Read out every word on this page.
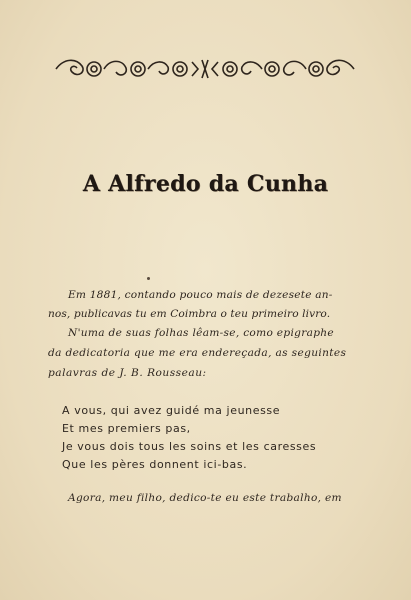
A Alfredo da Cunha
Em 1881, contando pouco mais de dezesete an-
nos, publicavas tu em Coimbra o teu primeiro livro.
N'uma de suas folhas lêam-se, como epigraphe
da dedicatoria que me era endereçada, as seguintes
palavras de J. B. Rousseau:
A vous, qui avez guidé ma jeunesse
Et mes premiers pas,
Je vous dois tous les soins et les caresses
Que les pères donnent ici-bas.
Agora, meu filho, dedico-te eu este trabalho, em
